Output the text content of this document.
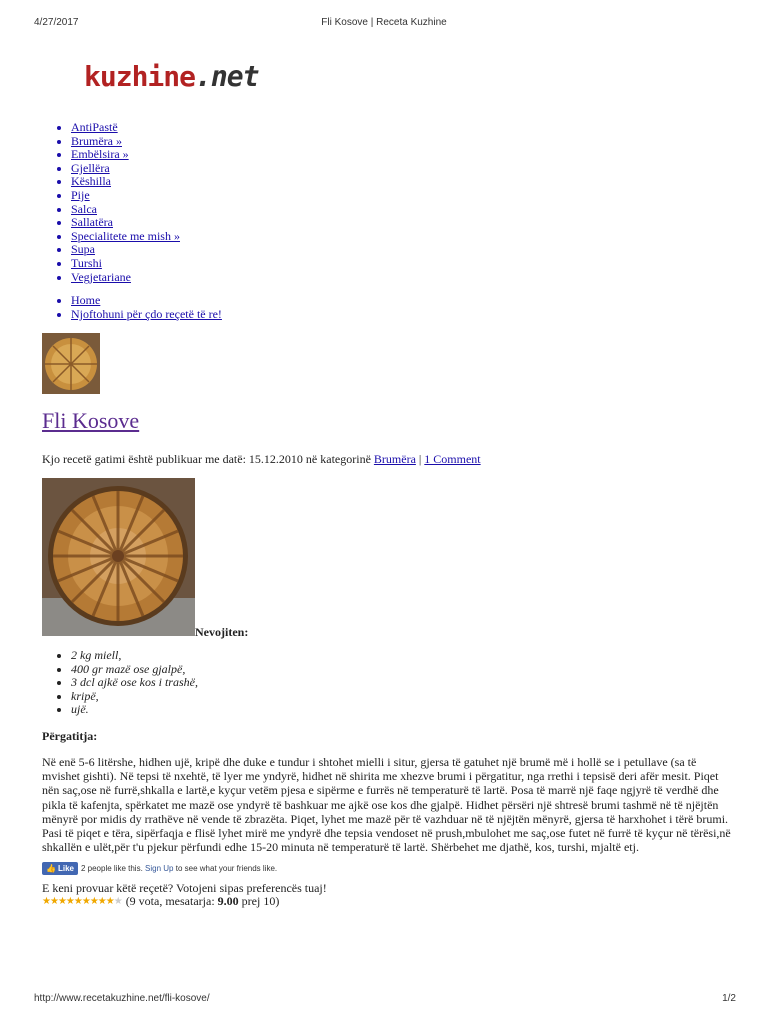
4/27/2017	Fli Kosove | Receta Kuzhine
kuzhine.net
• AntiPastë
• Brumëra »
• Embëlsira »
• Gjellëra
• Këshilla
• Pije
• Salca
• Sallatëra
• Specialitete me mish »
• Supa
• Turshi
• Vegjetariane
• Home
• Njoftohuni për çdo reçetë të re!
Fli Kosove
Kjo recetë gatimi është publikuar me datë: 15.12.2010 në kategorinë Brumëra | 1 Comment
Nevojiten:
• 2 kg miell,
• 400 gr mazë ose gjalpë,
• 3 dcl ajkë ose kos i trashë,
• kripë,
• ujë.
Përgatitja:
Në enë 5-6 litërshe, hidhen ujë, kripë dhe duke e tundur i shtohet mielli i situr, gjersa të gatuhet një brumë më i hollë se i petullave (sa të mvishet gishti). Në tepsi të nxehtë, të lyer me yndyrë, hidhet në shirita me xhezve brumi i përgatitur, nga rrethi i tepsisë deri afër mesit. Piqet nën saç,ose në furrë,shkalla e lartë,e kyçur vetëm pjesa e sipërme e furrës në temperaturë të lartë. Posa të marrë një faqe ngjyrë të verdhë dhe pikla të kafenjta, spërkatet me mazë ose yndyrë të bashkuar me ajkë ose kos dhe gjalpë. Hidhet përsëri një shtresë brumi tashmë në të njëjtën mënyrë por midis dy rrathëve në vende të zbrazëta. Piqet, lyhet me mazë për të vazhduar në të njëjtën mënyrë, gjersa të harxhohet i tërë brumi. Pasi të piqet e tëra, sipërfaqja e flisë lyhet mirë me yndyrë dhe tepsia vendoset në prush,mbulohet me saç,ose futet në furrë të kyçur në tërësi,në shkallën e ulët,për t'u pjekur përfundi edhe 15-20 minuta në temperaturë të lartë. Shërbehet me djathë, kos, turshi, mjaltë etj.
👍 Like 2 people like this.
Sign Up
to see what your friends like.
E keni provuar këtë reçetë? Votojeni sipas preferencës tuaj!
★★★★★★★★★★ (9 vota, mesatarja:
9.00
prej 10)
http://www.recetakuzhine.net/fli-kosove/	1/2
